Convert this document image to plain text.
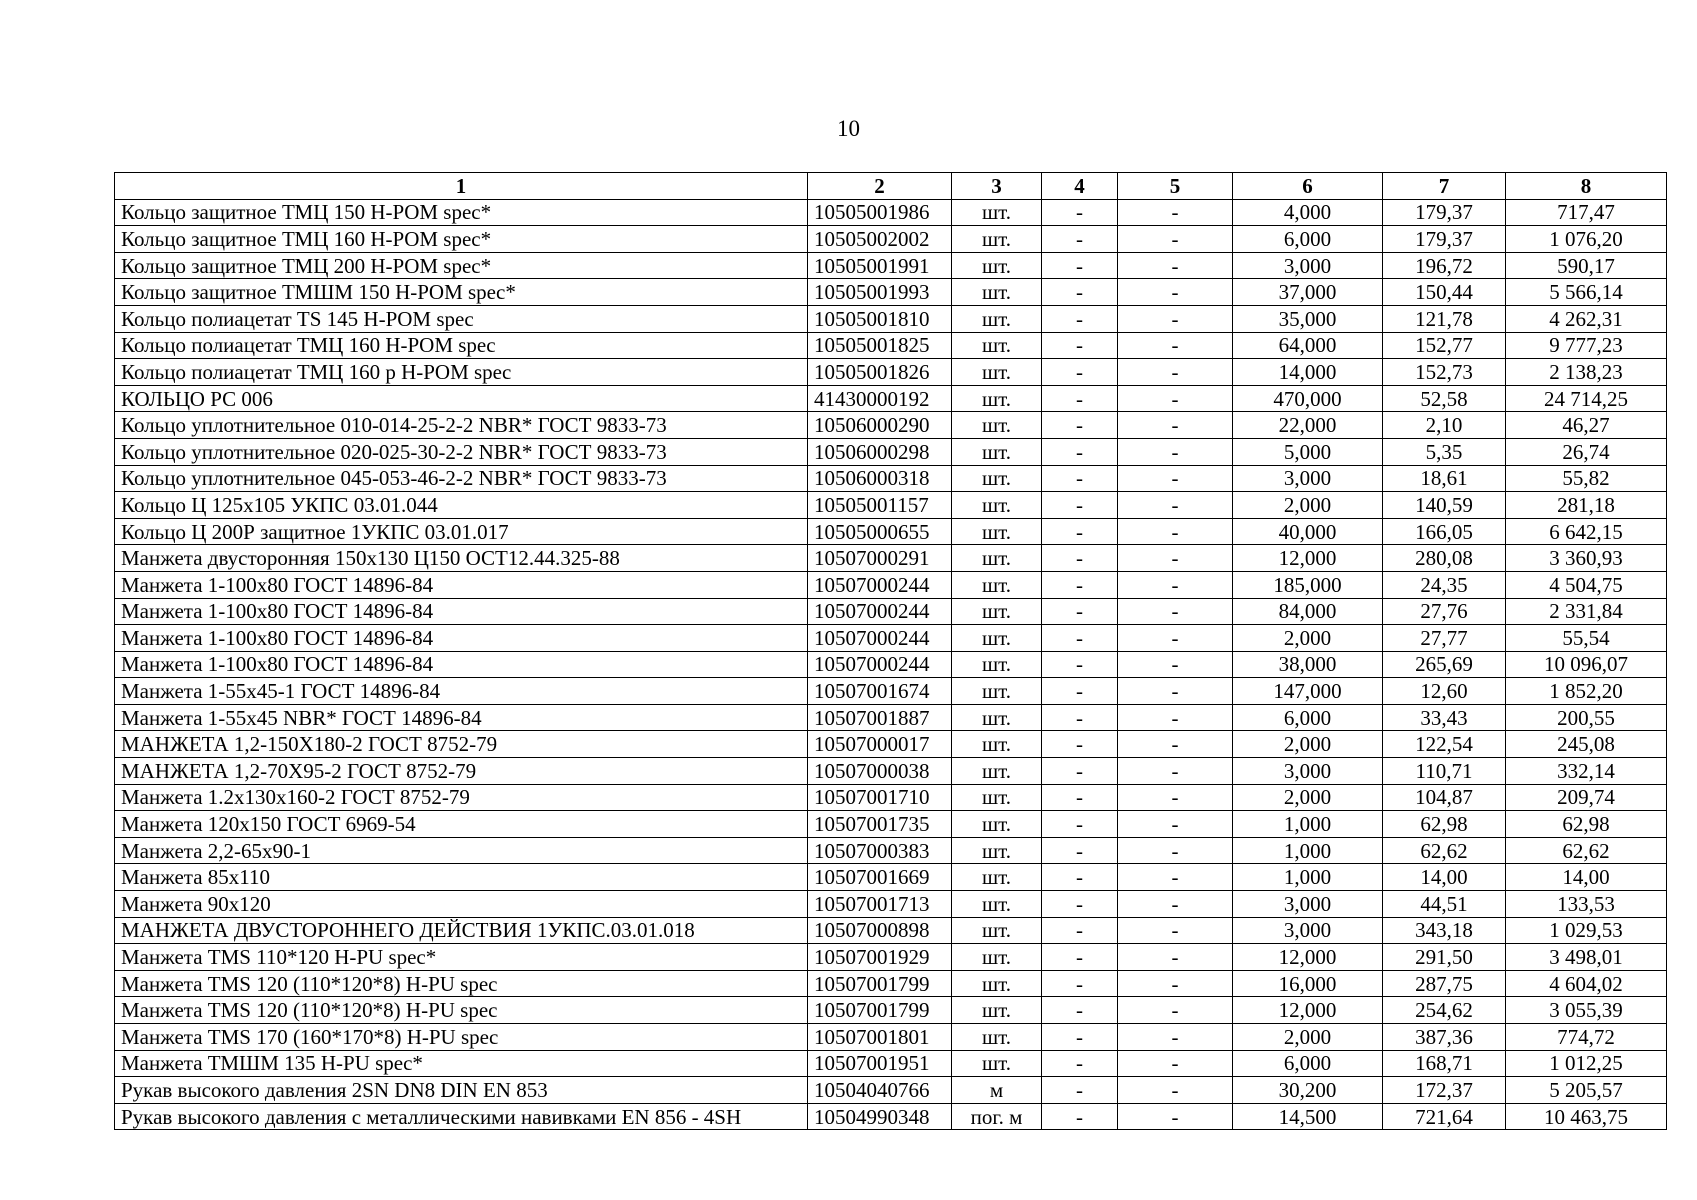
10
1	2	3	4	5	6	7	8
Кольцо защитное ТМЦ 150 H-POM spec*	10505001986	шт.	-	-	4,000	179,37	717,47
Кольцо защитное ТМЦ 160 H-POM spec*	10505002002	шт.	-	-	6,000	179,37	1 076,20
Кольцо защитное ТМЦ 200 H-POM spec*	10505001991	шт.	-	-	3,000	196,72	590,17
Кольцо защитное ТМШМ 150 H-POM spec*	10505001993	шт.	-	-	37,000	150,44	5 566,14
Кольцо полиацетат TS 145 H-POM spec	10505001810	шт.	-	-	35,000	121,78	4 262,31
Кольцо полиацетат ТМЦ 160 H-POM spec	10505001825	шт.	-	-	64,000	152,77	9 777,23
Кольцо полиацетат ТМЦ 160 р H-POM spec	10505001826	шт.	-	-	14,000	152,73	2 138,23
КОЛЬЦО РС 006	41430000192	шт.	-	-	470,000	52,58	24 714,25
Кольцо уплотнительное 010-014-25-2-2 NBR* ГОСТ 9833-73	10506000290	шт.	-	-	22,000	2,10	46,27
Кольцо уплотнительное 020-025-30-2-2 NBR* ГОСТ 9833-73	10506000298	шт.	-	-	5,000	5,35	26,74
Кольцо уплотнительное 045-053-46-2-2 NBR* ГОСТ 9833-73	10506000318	шт.	-	-	3,000	18,61	55,82
Кольцо Ц 125х105 УКПС 03.01.044	10505001157	шт.	-	-	2,000	140,59	281,18
Кольцо Ц 200Р защитное 1УКПС 03.01.017	10505000655	шт.	-	-	40,000	166,05	6 642,15
Манжета двусторонняя 150х130 Ц150 ОСТ12.44.325-88	10507000291	шт.	-	-	12,000	280,08	3 360,93
Манжета 1-100х80 ГОСТ 14896-84	10507000244	шт.	-	-	185,000	24,35	4 504,75
Манжета 1-100х80 ГОСТ 14896-84	10507000244	шт.	-	-	84,000	27,76	2 331,84
Манжета 1-100х80 ГОСТ 14896-84	10507000244	шт.	-	-	2,000	27,77	55,54
Манжета 1-100х80 ГОСТ 14896-84	10507000244	шт.	-	-	38,000	265,69	10 096,07
Манжета 1-55х45-1 ГОСТ 14896-84	10507001674	шт.	-	-	147,000	12,60	1 852,20
Манжета 1-55х45 NBR* ГОСТ 14896-84	10507001887	шт.	-	-	6,000	33,43	200,55
МАНЖЕТА 1,2-150Х180-2 ГОСТ 8752-79	10507000017	шт.	-	-	2,000	122,54	245,08
МАНЖЕТА 1,2-70Х95-2 ГОСТ 8752-79	10507000038	шт.	-	-	3,000	110,71	332,14
Манжета 1.2х130х160-2 ГОСТ 8752-79	10507001710	шт.	-	-	2,000	104,87	209,74
Манжета 120х150 ГОСТ 6969-54	10507001735	шт.	-	-	1,000	62,98	62,98
Манжета 2,2-65х90-1	10507000383	шт.	-	-	1,000	62,62	62,62
Манжета 85х110	10507001669	шт.	-	-	1,000	14,00	14,00
Манжета 90х120	10507001713	шт.	-	-	3,000	44,51	133,53
МАНЖЕТА ДВУСТОРОННЕГО ДЕЙСТВИЯ 1УКПС.03.01.018	10507000898	шт.	-	-	3,000	343,18	1 029,53
Манжета TMS 110*120 H-PU spec*	10507001929	шт.	-	-	12,000	291,50	3 498,01
Манжета TMS 120 (110*120*8) H-PU spec	10507001799	шт.	-	-	16,000	287,75	4 604,02
Манжета TMS 120 (110*120*8) H-PU spec	10507001799	шт.	-	-	12,000	254,62	3 055,39
Манжета TMS 170 (160*170*8) H-PU spec	10507001801	шт.	-	-	2,000	387,36	774,72
Манжета ТМШМ 135 H-PU spec*	10507001951	шт.	-	-	6,000	168,71	1 012,25
Рукав высокого давления 2SN DN8 DIN EN 853	10504040766	м	-	-	30,200	172,37	5 205,57
Рукав высокого давления с металлическими навивками EN 856 - 4SH	10504990348	пог. м	-	-	14,500	721,64	10 463,75
